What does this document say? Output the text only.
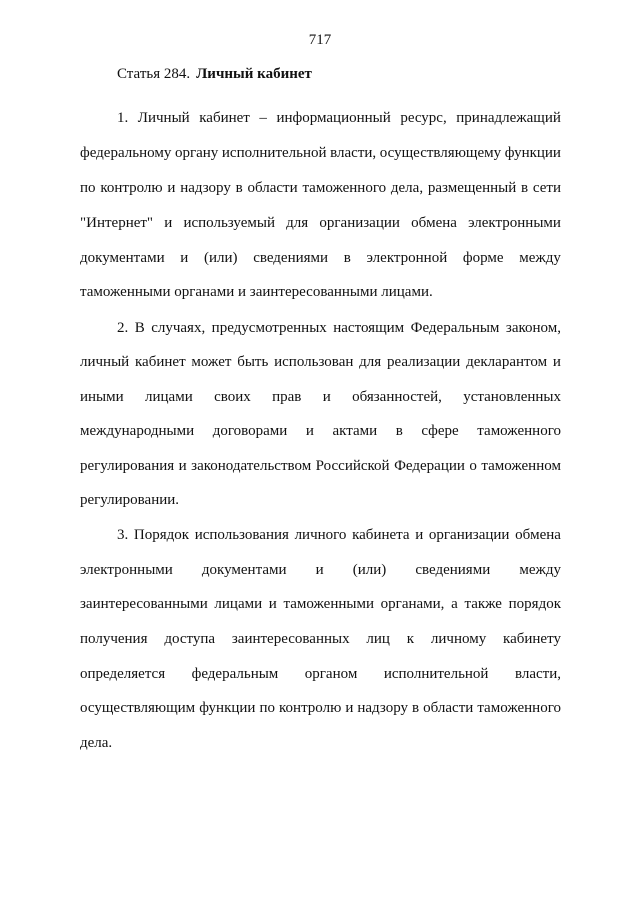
717
Статья 284. Личный кабинет
1. Личный кабинет – информационный ресурс, принадлежащий
федеральному органу исполнительной власти, осуществляющему функции
по контролю и надзору в области таможенного дела, размещенный в сети
"Интернет" и используемый для организации обмена электронными
документами и (или) сведениями в электронной форме между
таможенными органами и заинтересованными лицами.
2. В случаях, предусмотренных настоящим Федеральным законом,
личный кабинет может быть использован для реализации декларантом и
иными лицами своих прав и обязанностей, установленных
международными договорами и актами в сфере таможенного
регулирования и законодательством Российской Федерации о таможенном
регулировании.
3. Порядок использования личного кабинета и организации обмена
электронными документами и (или) сведениями между
заинтересованными лицами и таможенными органами, а также порядок
получения доступа заинтересованных лиц к личному кабинету
определяется федеральным органом исполнительной власти,
осуществляющим функции по контролю и надзору в области таможенного
дела.
